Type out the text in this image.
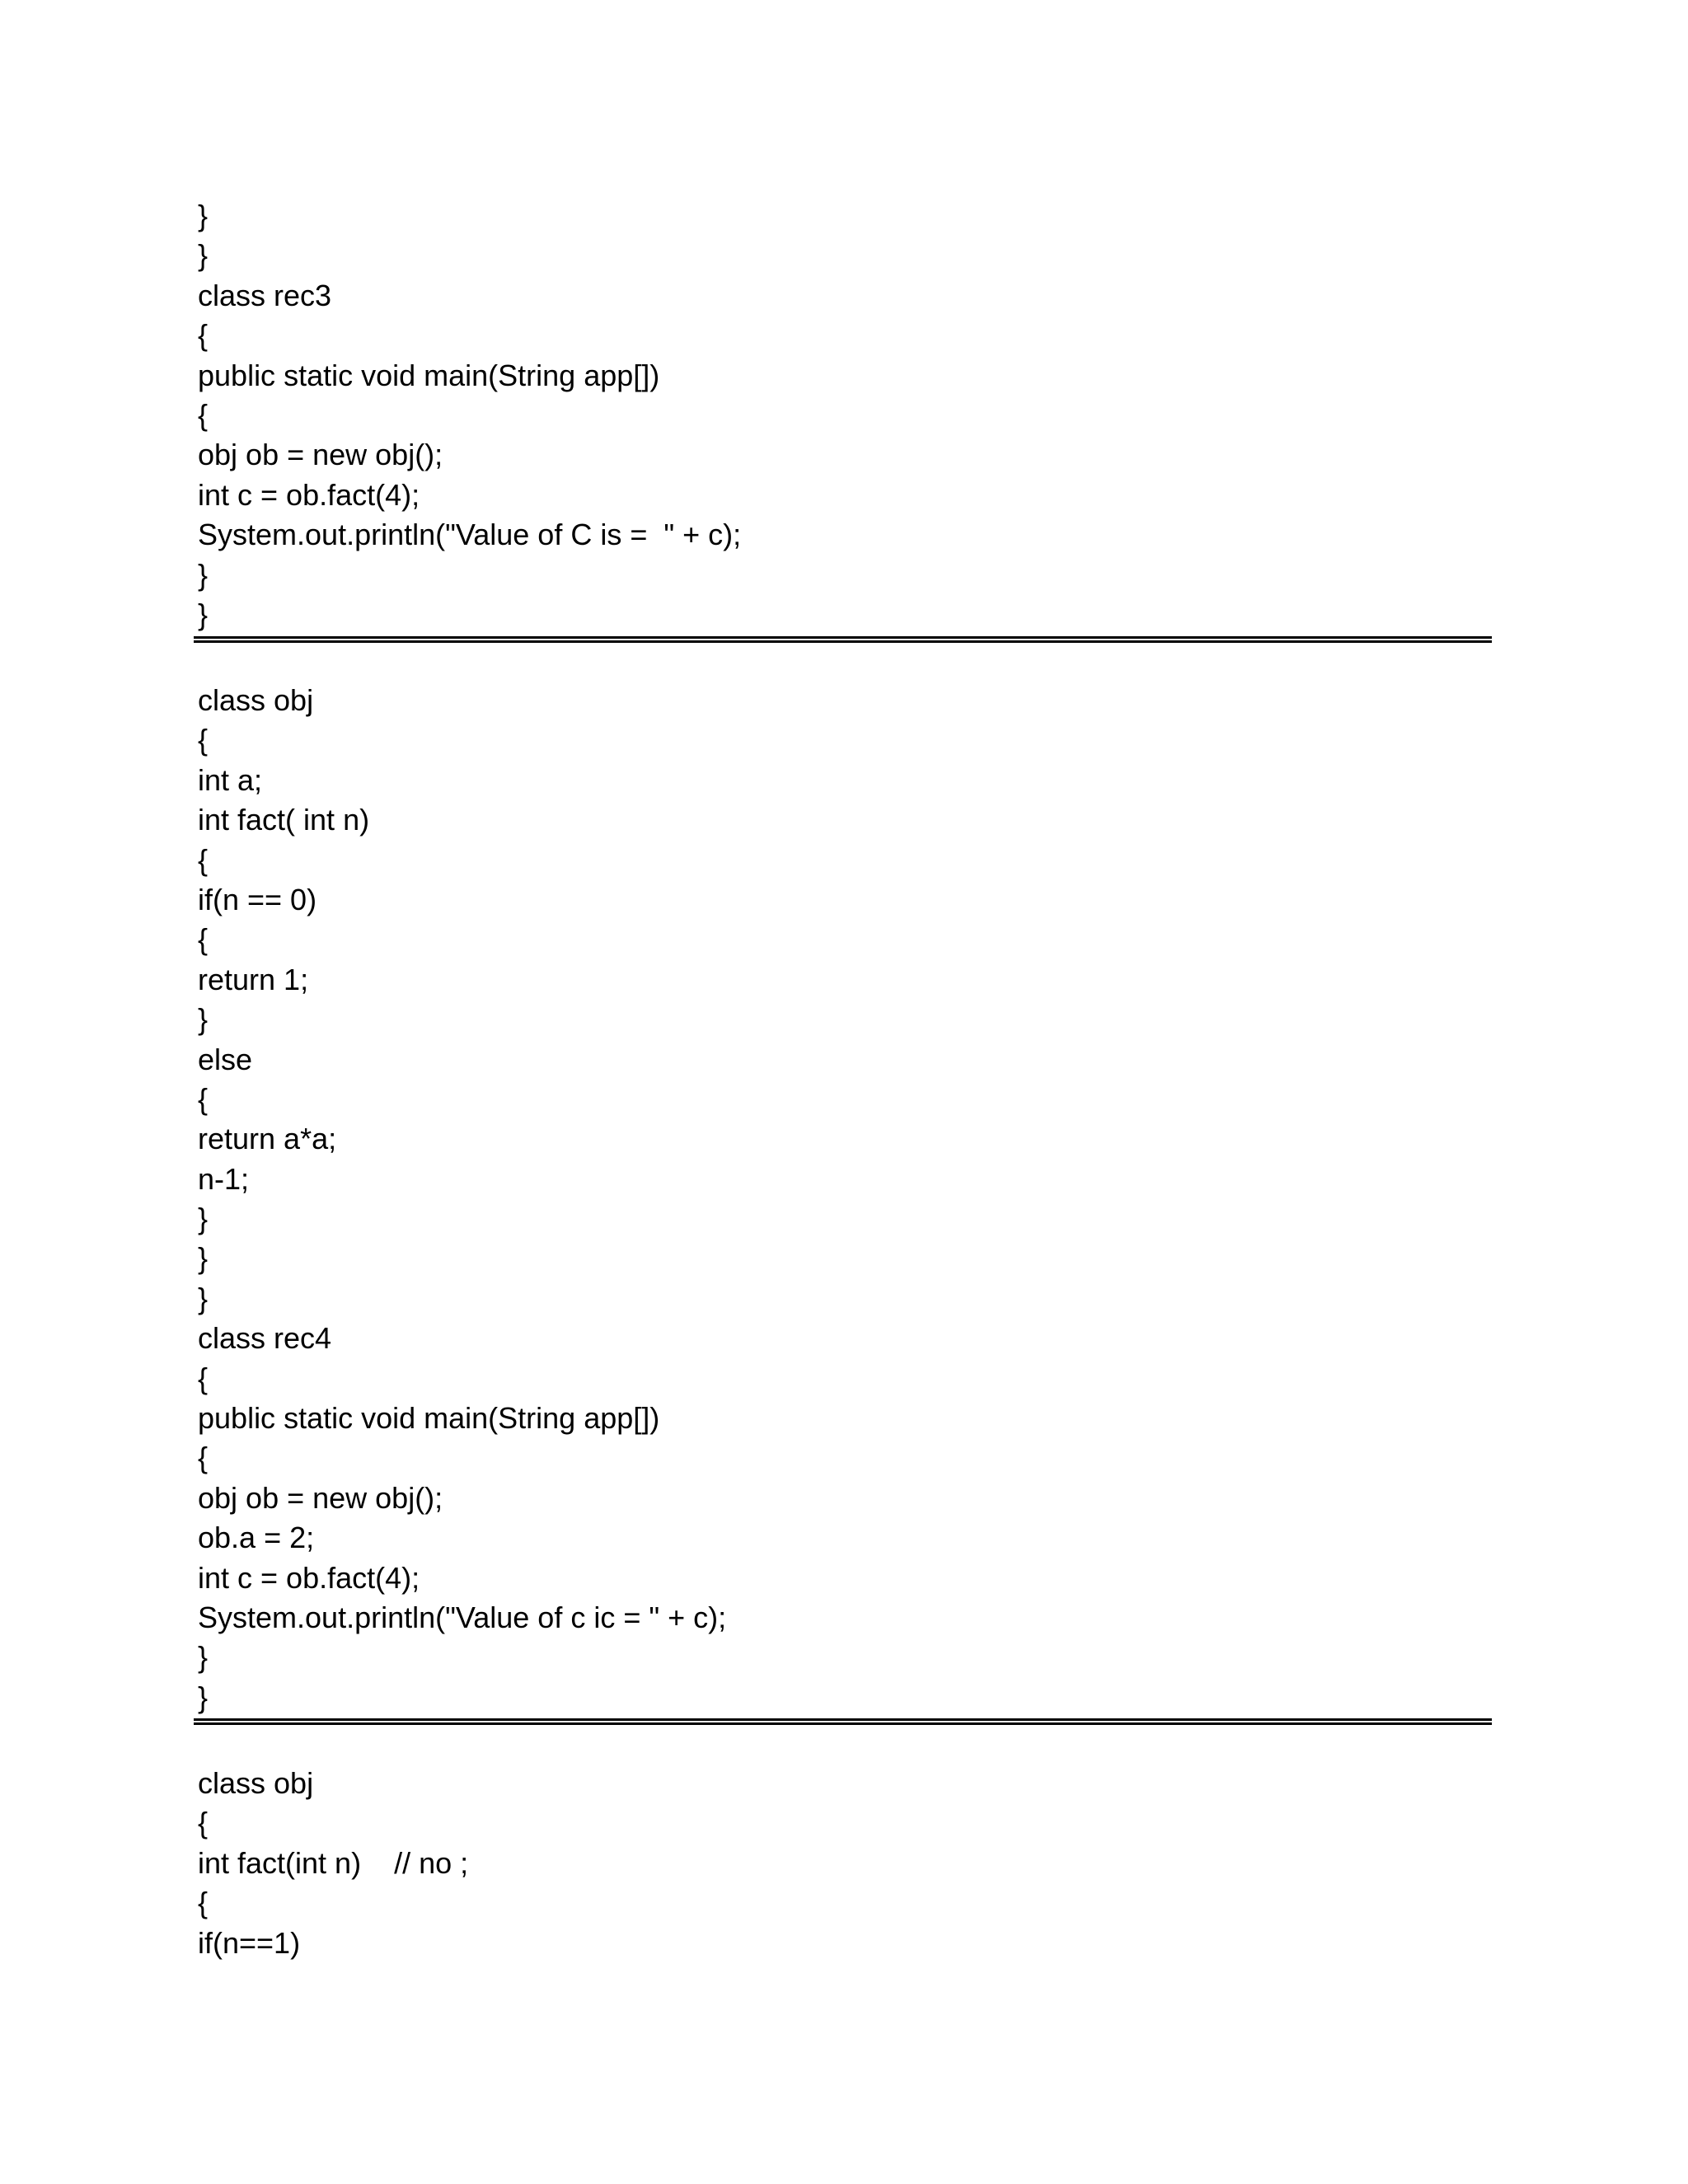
}
}
class rec3
{
public static void main(String app[])
{
obj ob = new obj();
int c = ob.fact(4);
System.out.println("Value of C is =  " + c);
}
}
class obj
{
int a;
int fact( int n)
{
if(n == 0)
{
return 1;
}
else
{
return a*a;
n-1;
}
}
}
class rec4
{
public static void main(String app[])
{
obj ob = new obj();
ob.a = 2;
int c = ob.fact(4);
System.out.println("Value of c ic = " + c);
}
}
class obj
{
int fact(int n)    // no ;
{
if(n==1)
